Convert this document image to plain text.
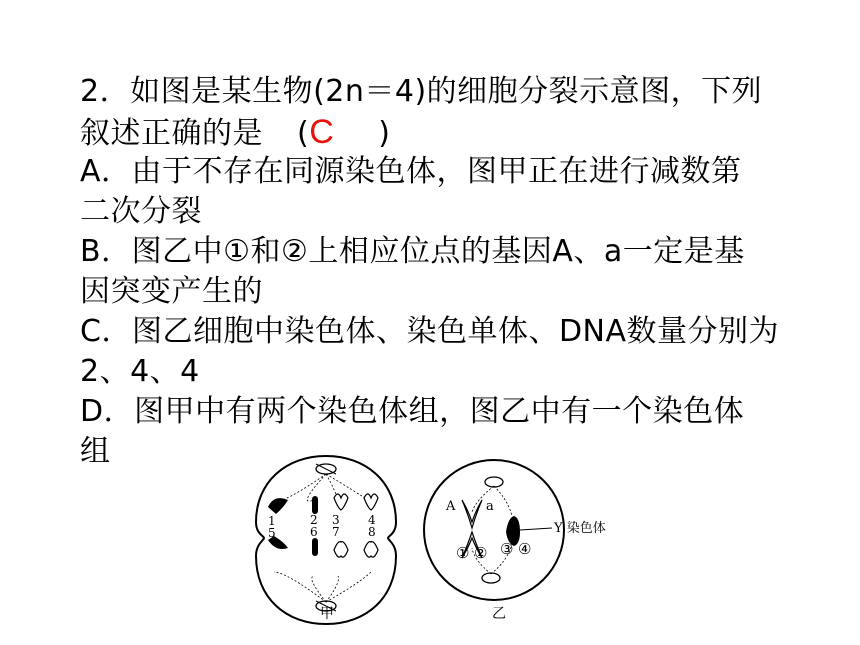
2．如图是某生物(2n＝4)的细胞分裂示意图，下列
叙述正确的是 (C )
A．由于不存在同源染色体，图甲正在进行减数第
二次分裂
B．图乙中①和②上相应位点的基因A、a一定是基
因突变产生的
C．图乙细胞中染色体、染色单体、DNA数量分别为
2、4、4
D．图甲中有两个染色体组，图乙中有一个染色体
组
1
5
2
6
3
7
4
8
甲
A a
Y 染色体
① ② ③ ④
乙
